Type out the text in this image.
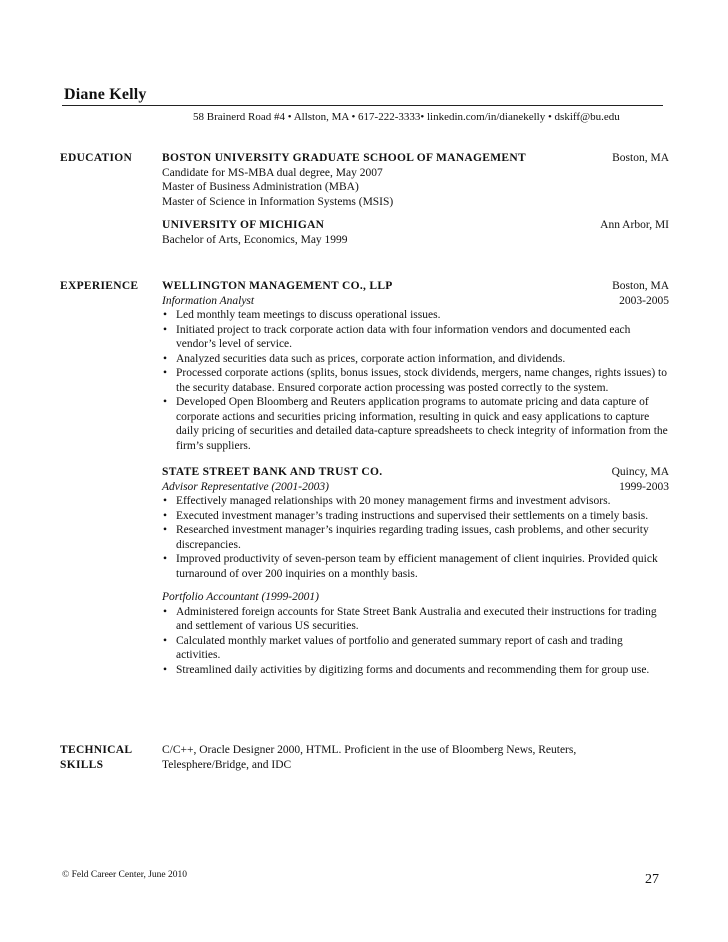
Diane Kelly
58 Brainerd Road #4 • Allston, MA • 617-222-3333• linkedin.com/in/dianekelly • dskiff@bu.edu
EDUCATION	BOSTON UNIVERSITY GRADUATE SCHOOL OF MANAGEMENT	Boston, MA
Candidate for MS-MBA dual degree, May 2007
Master of Business Administration (MBA)
Master of Science in Information Systems (MSIS)
UNIVERSITY OF MICHIGAN	Ann Arbor, MI
Bachelor of Arts, Economics, May 1999
EXPERIENCE	WELLINGTON MANAGEMENT CO., LLP	Boston, MA
Information Analyst	2003-2005
• Led monthly team meetings to discuss operational issues.
• Initiated project to track corporate action data with four information vendors and documented each vendor’s level of service.
• Analyzed securities data such as prices, corporate action information, and dividends.
• Processed corporate actions (splits, bonus issues, stock dividends, mergers, name changes, rights issues) to the security database. Ensured corporate action processing was posted correctly to the system.
• Developed Open Bloomberg and Reuters application programs to automate pricing and data capture of corporate actions and securities pricing information, resulting in quick and easy applications to capture daily pricing of securities and detailed data-capture spreadsheets to check integrity of information from the firm’s suppliers.
STATE STREET BANK AND TRUST CO.	Quincy, MA
Advisor Representative (2001-2003)	1999-2003
• Effectively managed relationships with 20 money management firms and investment advisors.
• Executed investment manager’s trading instructions and supervised their settlements on a timely basis.
• Researched investment manager’s inquiries regarding trading issues, cash problems, and other security discrepancies.
• Improved productivity of seven-person team by efficient management of client inquiries. Provided quick turnaround of over 200 inquiries on a monthly basis.
Portfolio Accountant (1999-2001)
• Administered foreign accounts for State Street Bank Australia and executed their instructions for trading and settlement of various US securities.
• Calculated monthly market values of portfolio and generated summary report of cash and trading activities.
• Streamlined daily activities by digitizing forms and documents and recommending them for group use.
TECHNICAL
SKILLS
C/C++, Oracle Designer 2000, HTML. Proficient in the use of Bloomberg News, Reuters, Telesphere/Bridge, and IDC
© Feld Career Center, June 2010	27
